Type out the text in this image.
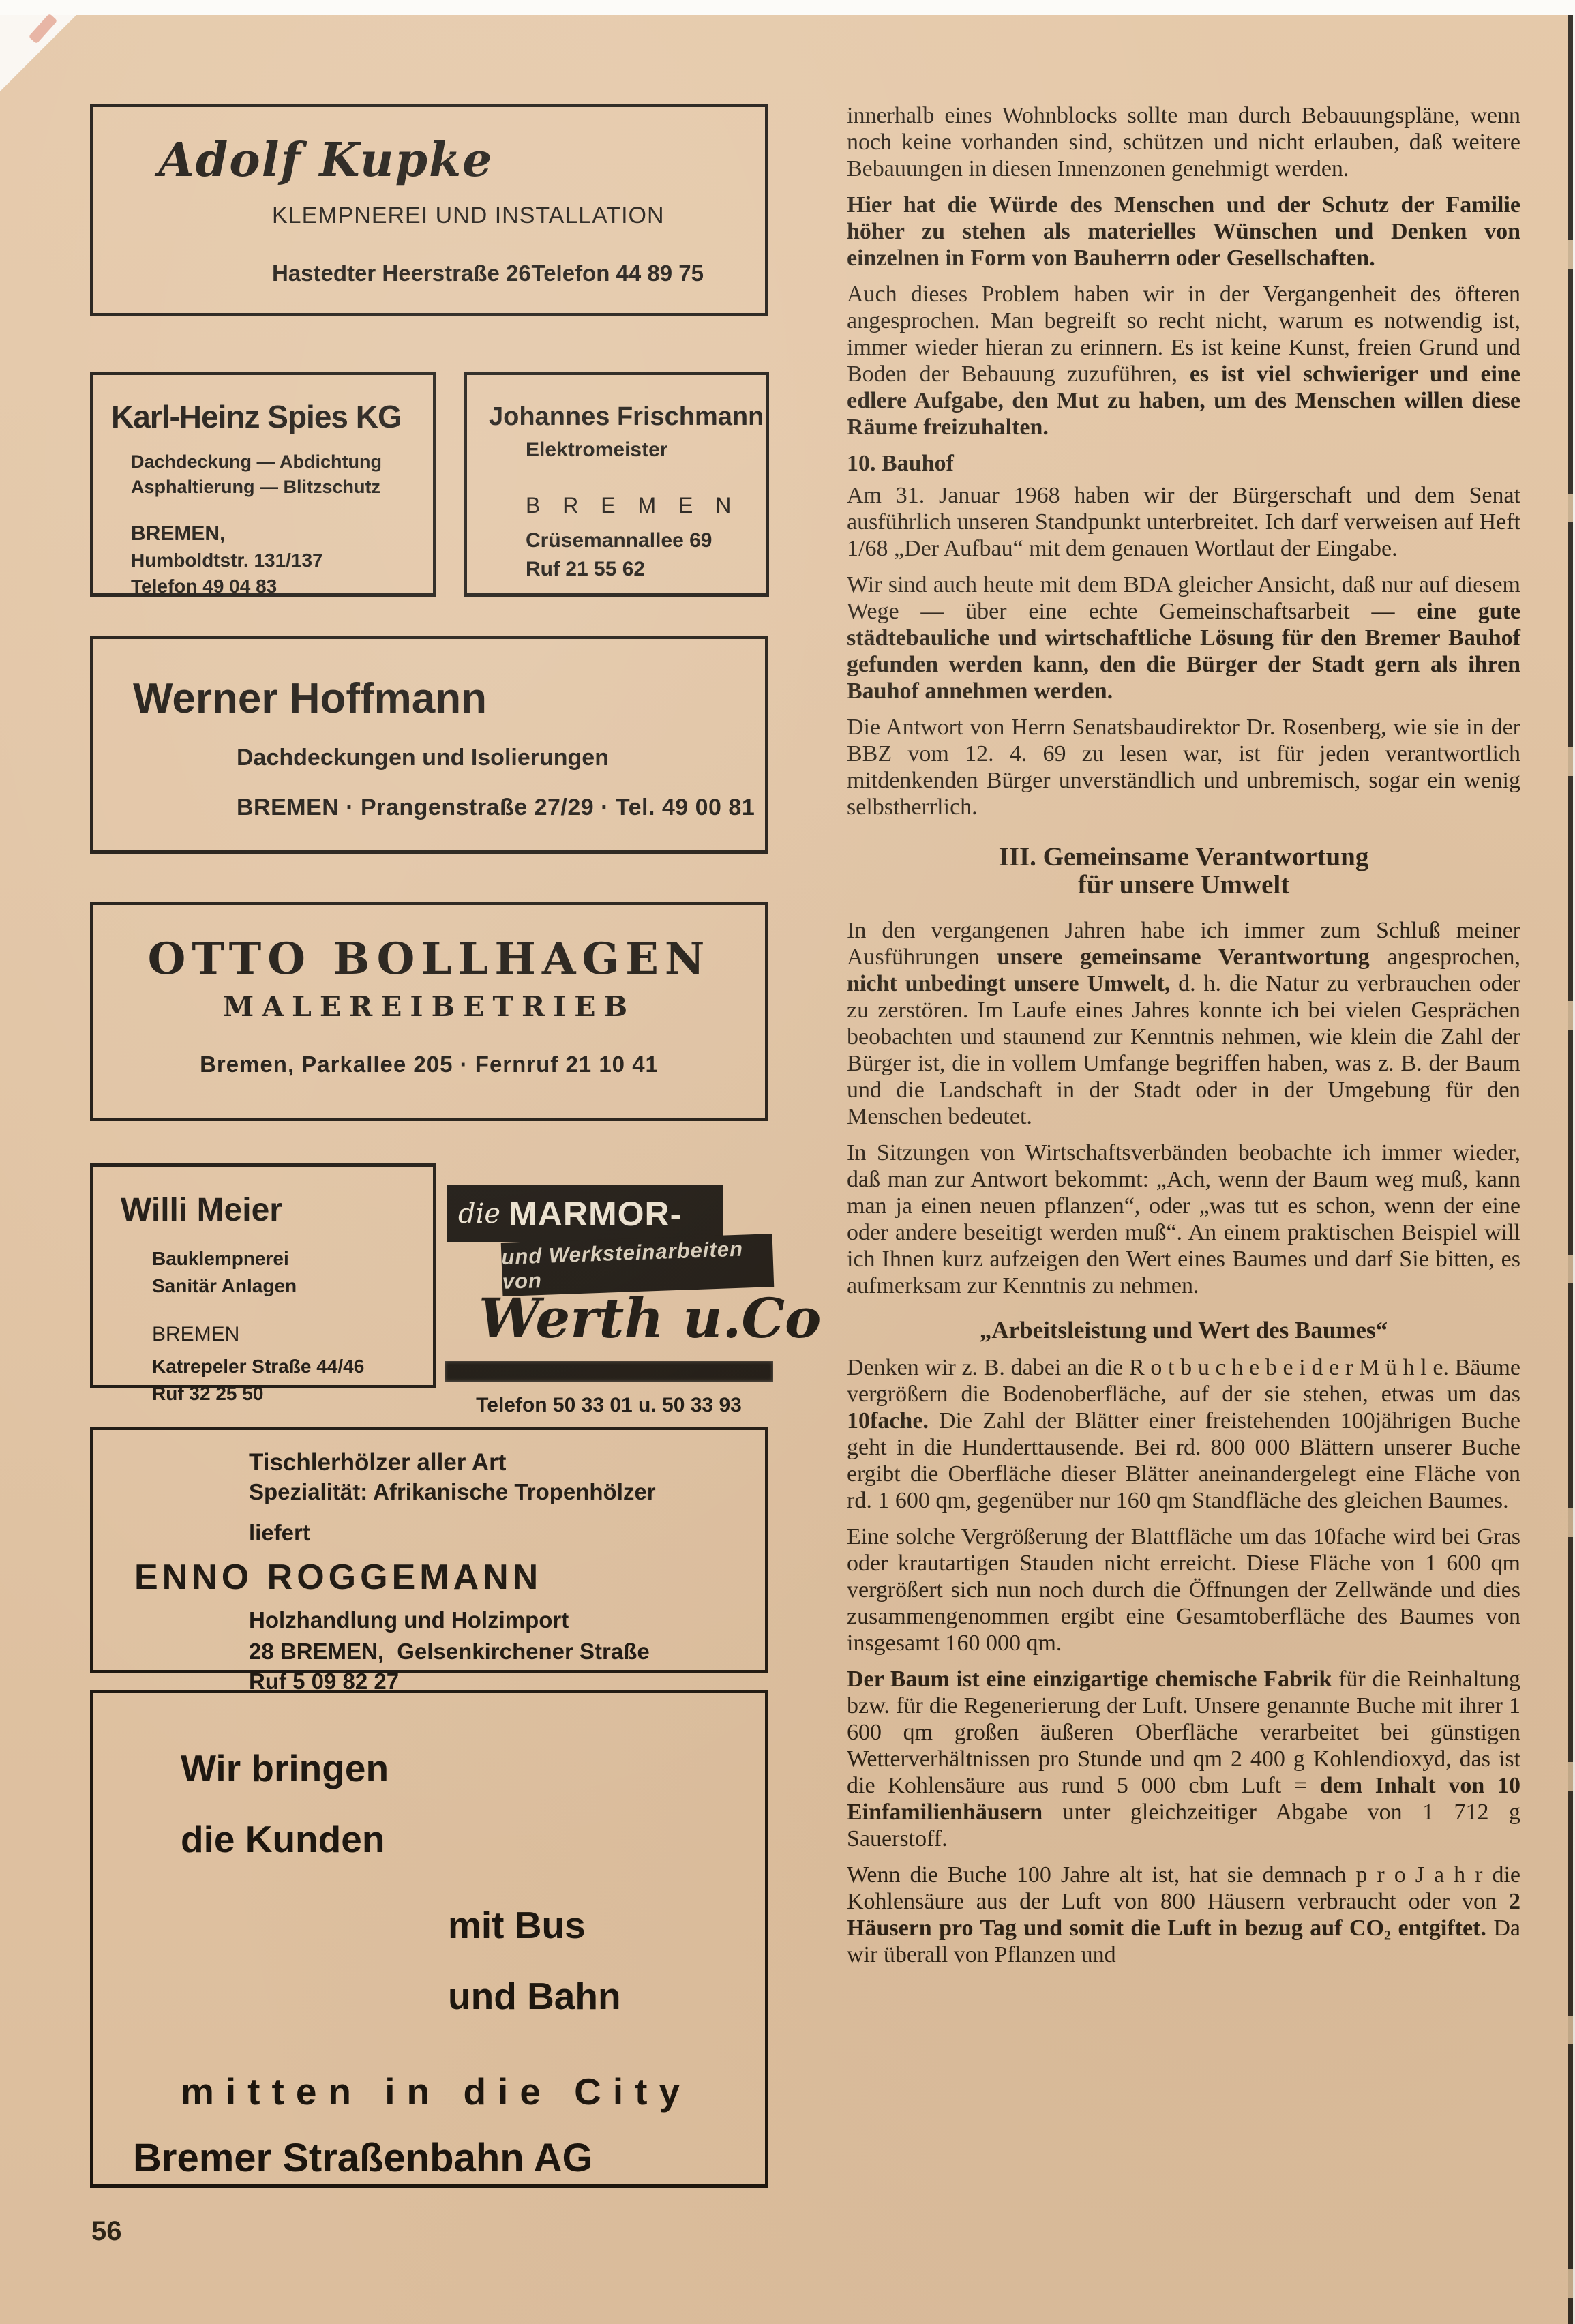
Adolf Kupke
KLEMPNEREI UND INSTALLATION
Hastedter Heerstraße 26 Telefon 44 89 75
Karl-Heinz Spies KG
Dachdeckung — Abdichtung
Asphaltierung — Blitzschutz
BREMEN,
Humboldtstr. 131/137
Telefon 49 04 83
Johannes Frischmann
Elektromeister
B R E M E N
Crüsemannallee 69
Ruf 21 55 62
Werner Hoffmann
Dachdeckungen und Isolierungen
BREMEN · Prangenstraße 27/29 · Tel. 49 00 81
OTTO BOLLHAGEN
MALEREIBETRIEB
Bremen, Parkallee 205 · Fernruf 21 10 41
Willi Meier
Bauklempnerei
Sanitär Anlagen
BREMEN
Katrepeler Straße 44/46
Ruf 32 25 50
die MARMOR-
und Werksteinarbeiten von
Werth u.Co
Telefon 50 33 01 u. 50 33 93
Tischlerhölzer aller Art
Spezialität: Afrikanische Tropenhölzer
liefert
ENNO ROGGEMANN
Holzhandlung und Holzimport
28 BREMEN, Gelsenkirchener Straße
Ruf 5 09 82 27
Wir bringen
die Kunden
mit Bus
und Bahn
mitten in die City
Bremer Straßenbahn AG
innerhalb eines Wohnblocks sollte man durch Bebauungspläne, wenn noch keine vorhanden sind, schützen und nicht erlauben, daß weitere Bebauungen in diesen Innenzonen genehmigt werden.
Hier hat die Würde des Menschen und der Schutz der Familie höher zu stehen als materielles Wünschen und Denken von einzelnen in Form von Bauherrn oder Gesellschaften.
Auch dieses Problem haben wir in der Vergangenheit des öfteren angesprochen. Man begreift so recht nicht, warum es notwendig ist, immer wieder hieran zu erinnern. Es ist keine Kunst, freien Grund und Boden der Bebauung zuzuführen, es ist viel schwieriger und eine edlere Aufgabe, den Mut zu haben, um des Menschen willen diese Räume freizuhalten.
10. Bauhof
Am 31. Januar 1968 haben wir der Bürgerschaft und dem Senat ausführlich unseren Standpunkt unterbreitet. Ich darf verweisen auf Heft 1/68 „Der Aufbau“ mit dem genauen Wortlaut der Eingabe.
Wir sind auch heute mit dem BDA gleicher Ansicht, daß nur auf diesem Wege — über eine echte Gemeinschaftsarbeit — eine gute städtebauliche und wirtschaftliche Lösung für den Bremer Bauhof gefunden werden kann, den die Bürger der Stadt gern als ihren Bauhof annehmen werden.
Die Antwort von Herrn Senatsbaudirektor Dr. Rosenberg, wie sie in der BBZ vom 12. 4. 69 zu lesen war, ist für jeden verantwortlich mitdenkenden Bürger unverständlich und unbremisch, sogar ein wenig selbstherrlich.
III. Gemeinsame Verantwortung
für unsere Umwelt
In den vergangenen Jahren habe ich immer zum Schluß meiner Ausführungen unsere gemeinsame Verantwortung angesprochen, nicht unbedingt unsere Umwelt, d. h. die Natur zu verbrauchen oder zu zerstören. Im Laufe eines Jahres konnte ich bei vielen Gesprächen beobachten und staunend zur Kenntnis nehmen, wie klein die Zahl der Bürger ist, die in vollem Umfange begriffen haben, was z. B. der Baum und die Landschaft in der Stadt oder in der Umgebung für den Menschen bedeutet.
In Sitzungen von Wirtschaftsverbänden beobachte ich immer wieder, daß man zur Antwort bekommt: „Ach, wenn der Baum weg muß, kann man ja einen neuen pflanzen“, oder „was tut es schon, wenn der eine oder andere beseitigt werden muß“. An einem praktischen Beispiel will ich Ihnen kurz aufzeigen den Wert eines Baumes und darf Sie bitten, es aufmerksam zur Kenntnis zu nehmen.
„Arbeitsleistung und Wert des Baumes“
Denken wir z. B. dabei an die R o t b u c h e b e i d e r M ü h l e. Bäume vergrößern die Bodenoberfläche, auf der sie stehen, etwas um das 10fache. Die Zahl der Blätter einer freistehenden 100jährigen Buche geht in die Hunderttausende. Bei rd. 800 000 Blättern unserer Buche ergibt die Oberfläche dieser Blätter aneinandergelegt eine Fläche von rd. 1 600 qm, gegenüber nur 160 qm Standfläche des gleichen Baumes.
Eine solche Vergrößerung der Blattfläche um das 10fache wird bei Gras oder krautartigen Stauden nicht erreicht. Diese Fläche von 1 600 qm vergrößert sich nun noch durch die Öffnungen der Zellwände und dies zusammengenommen ergibt eine Gesamtoberfläche des Baumes von insgesamt 160 000 qm.
Der Baum ist eine einzigartige chemische Fabrik für die Reinhaltung bzw. für die Regenerierung der Luft. Unsere genannte Buche mit ihrer 1 600 qm großen äußeren Oberfläche verarbeitet bei günstigen Wetterverhältnissen pro Stunde und qm 2 400 g Kohlendioxyd, das ist die Kohlensäure aus rund 5 000 cbm Luft = dem Inhalt von 10 Einfamilienhäusern unter gleichzeitiger Abgabe von 1 712 g Sauerstoff.
Wenn die Buche 100 Jahre alt ist, hat sie demnach p r o J a h r die Kohlensäure aus der Luft von 800 Häusern verbraucht oder von 2 Häusern pro Tag und somit die Luft in bezug auf CO₂ entgiftet. Da wir überall von Pflanzen und
56
